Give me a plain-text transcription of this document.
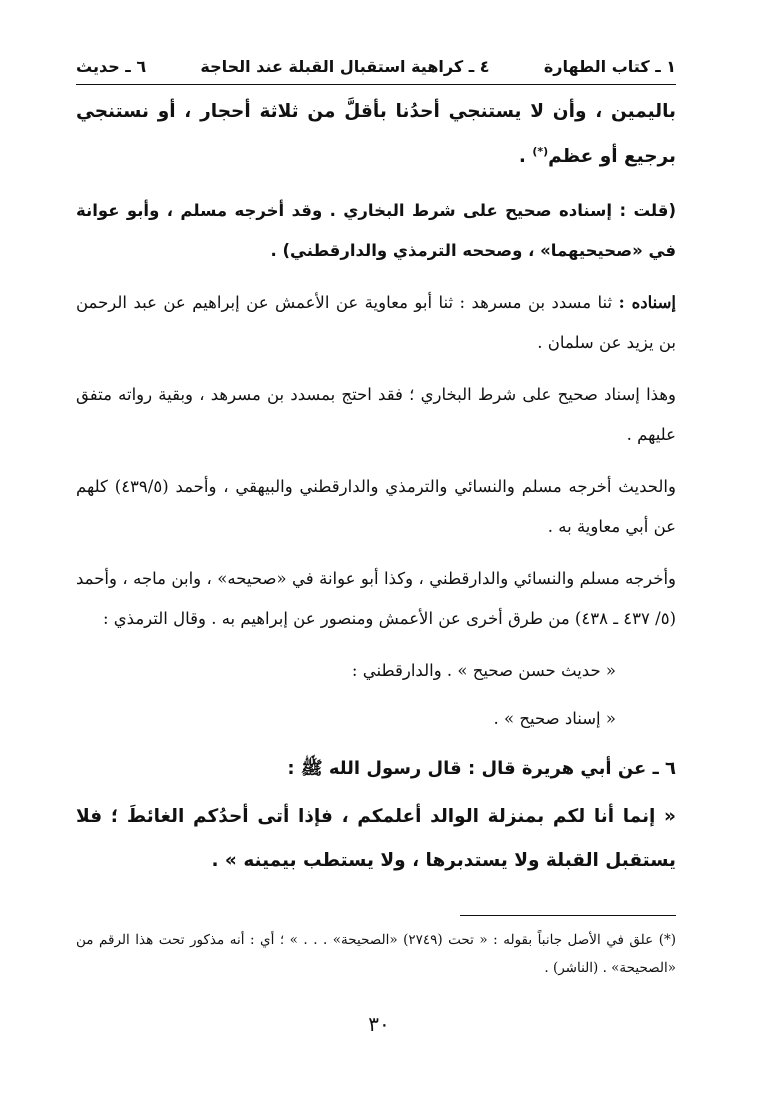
١ ـ كتاب الطهارة
٤ ـ كراهية استقبال القبلة عند الحاجة
٦ ـ حديث

باليمين ، وأن لا يستنجي أحدُنا بأقلَّ من ثلاثة أحجار ، أو نستنجي برجيع أو عظم(*) .

(قلت : إسناده صحيح على شرط البخاري . وقد أخرجه مسلم ، وأبو عوانة في «صحيحيهما» ، وصححه الترمذي والدارقطني) .

إسناده : ثنا مسدد بن مسرهد : ثنا أبو معاوية عن الأعمش عن إبراهيم عن عبد الرحمن بن يزيد عن سلمان .

وهذا إسناد صحيح على شرط البخاري ؛ فقد احتج بمسدد بن مسرهد ، وبقية رواته متفق عليهم .

والحديث أخرجه مسلم والنسائي والترمذي والدارقطني والبيهقي ، وأحمد (٤٣٩/٥) كلهم عن أبي معاوية به .

وأخرجه مسلم والنسائي والدارقطني ، وكذا أبو عوانة في «صحيحه» ، وابن ماجه ، وأحمد (٥/ ٤٣٧ ـ ٤٣٨) من طرق أخرى عن الأعمش ومنصور عن إبراهيم به . وقال الترمذي :

« حديث حسن صحيح » . والدارقطني :

« إسناد صحيح » .

٦ ـ عن أبي هريرة قال : قال رسول الله ﷺ :

« إنما أنا لكم بمنزلة الوالد أعلمكم ، فإذا أتى أحدُكم الغائطَ ؛ فلا يستقبل القبلة ولا يستدبرها ، ولا يستطب بيمينه » .

(*) علق في الأصل جانباً بقوله : « تحت (٢٧٤٩) «الصحيحة» . . . » ؛ أي : أنه مذكور تحت هذا الرقم من «الصحيحة» . (الناشر) .
٣٠
